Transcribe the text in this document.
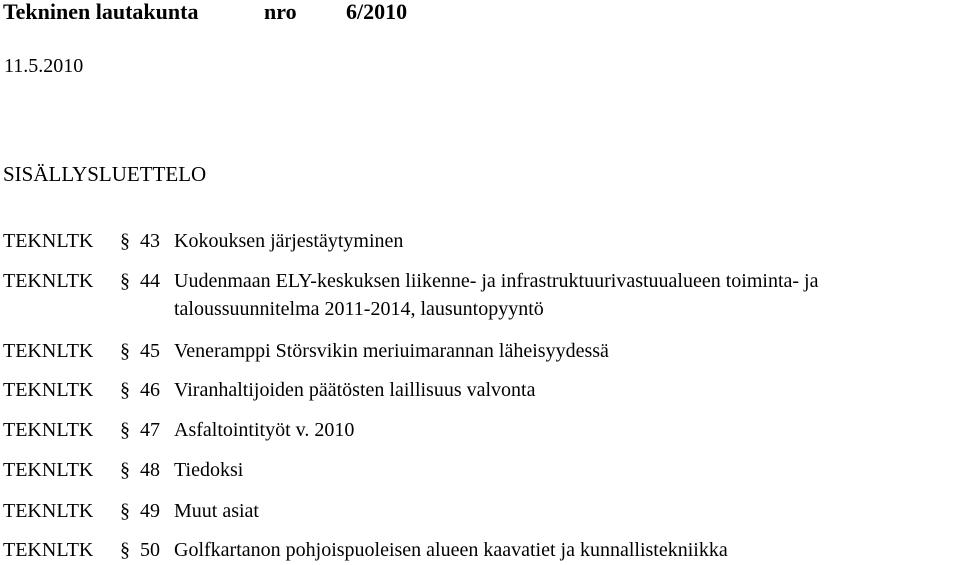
Tekninen lautakunta	nro 6/2010
11.5.2010
SISÄLLYSLUETTELO
TEKNLTK § 43 Kokouksen järjestäytyminen
TEKNLTK § 44 Uudenmaan ELY-keskuksen liikenne- ja infrastruktuurivastuualueen toiminta- ja
taloussuunnitelma 2011-2014, lausuntopyyntö
TEKNLTK § 45 Veneramppi Störsvikin meriuimarannan läheisyydessä
TEKNLTK § 46 Viranhaltijoiden päätösten laillisuus valvonta
TEKNLTK § 47 Asfaltointityöt v. 2010
TEKNLTK § 48 Tiedoksi
TEKNLTK § 49 Muut asiat
TEKNLTK § 50 Golfkartanon pohjoispuoleisen alueen kaavatiet ja kunnallistekniikka
